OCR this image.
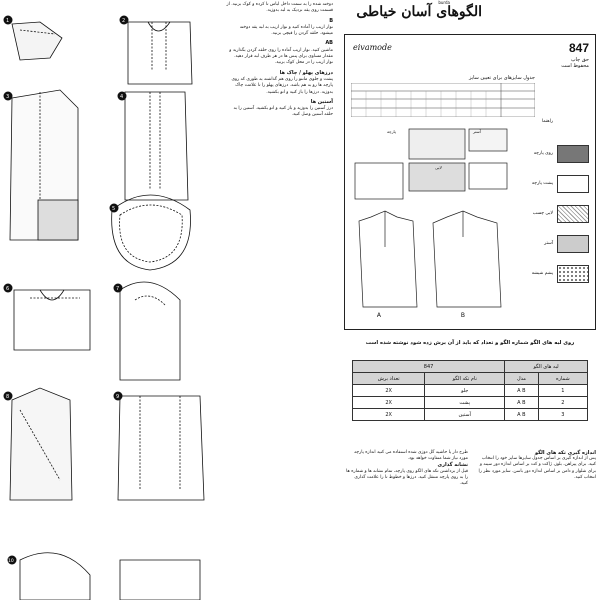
1	2
3	4
5
6	7
8	9
10

دوخته شده را به سمت داخل لباس تا کرده و کوک بزنید. از قسمت روی یقه نزدیک به لبه بدوزید.

B

نوار اریب را آماده کنید و نوار اریب به لبه یقه دوخته میشود. حلقه گردن را قیچی بزنید.

AB

ماشین کنید. نوار اریب آماده را روی حلقه گردن بگذارید و مقدار مساوی برای پنس ها در هر طرف لبه قرار دهید. نوار اریب را در محل کوک بزنید.

درزهای پهلو / چاک ها

پشت و جلوی مانتو را روی هم گذاشته به طوری که روی پارچه ها رو به هم باشد. درزهای پهلو را تا علامت چاک بدوزید. درزها را باز کنید و اتو بکشید.

آستین ها

درز آستین را بدوزید و باز کنید و اتو بکشید. آستین را به حلقه آستین وصل کنید.

burda
الگوهای آسان خیاطی
eivamode	847
حق چاپ
محفوظ است
جدول سایزهای برای تعیین سایز
راهنما
روی پارچه
پشت پارچه
لایی چسب
آستر
پشم شیشه
A	B
پارچه	آستر
لایی
روی لبه های الگو شماره الگو و تعداد که باید از آن برش زده شود نوشته شده است
لبه های الگو		847	
شماره	مدل	نام تکه الگو	تعداد برش
1	A B	جلو	2X
2	A B	پشت	2X
3	A B	آستین	2X

اندازه گیری تکه های الگو

پس از اندازه گیری بر اساس جدول سایزها سایز خود را انتخاب کنید. برای پیراهن، بلوز، ژاکت و کت بر اساس اندازه دور سینه و برای شلوار و دامن بر اساس اندازه دور باسن. سایز مورد نظر را انتخاب کنید.

طرح دار یا حاشیه گل دوزی شده استفاده می کنید اندازه پارچه مورد نیاز شما متفاوت خواهد بود.

نشانه گذاری

قبل از برداشتن تکه های الگو روی پارچه، تمام نشانه ها و شماره ها را به روی پارچه منتقل کنید. درزها و خطوط تا را علامت گذاری کنید.
